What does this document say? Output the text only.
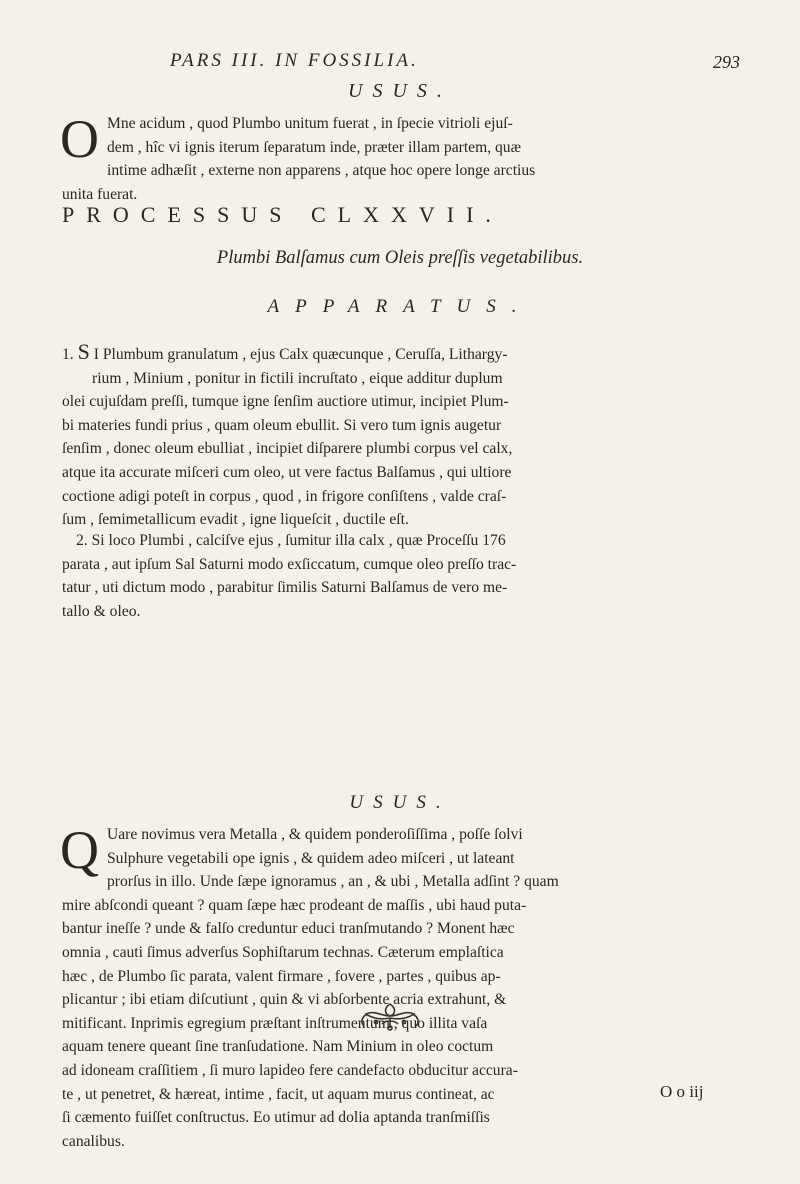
PARS III. IN FOSSILIA.	293
USUS.
O Mne acidum , quod Plumbo unitum fuerat , in ſpecie vitrioli ejuſ-
dem , hîc vi ignis iterum ſeparatum inde, præter illam partem, quæ
intime adhæſit , externe non apparens , atque hoc opere longe arctius
unita fuerat.
PROCESSUS CLXXVII.
Plumbi Balſamus cum Oleis preſſis vegetabilibus.
APPARATUS.
1. S I Plumbum granulatum , ejus Calx quæcunque , Ceruſſa, Lithargy-
rium , Minium , ponitur in fictili incruſtato , eique additur duplum
olei cujuſdam preſſi, tumque igne ſenſim auctiore utimur, incipiet Plum-
bi materies fundi prius , quam oleum ebullit. Si vero tum ignis augetur
ſenſim , donec oleum ebulliat , incipiet diſparere plumbi corpus vel calx,
atque ita accurate miſceri cum oleo, ut vere factus Balſamus , qui ultiore
coctione adigi poteſt in corpus , quod , in frigore conſiſtens , valde craſ-
ſum , ſemimetallicum evadit , igne liqueſcit , ductile eſt.
2. Si loco Plumbi , calciſve ejus , ſumitur illa calx , quæ Proceſſu 176
parata , aut ipſum Sal Saturni modo exſiccatum, cumque oleo preſſo trac-
tatur , uti dictum modo , parabitur ſimilis Saturni Balſamus de vero me-
tallo & oleo.
USUS.
Q Uare novimus vera Metalla , & quidem ponderoſiſſima , poſſe ſolvi
Sulphure vegetabili ope ignis , & quidem adeo miſceri , ut lateant
prorſus in illo. Unde ſæpe ignoramus , an , & ubi , Metalla adſint ? quam
mire abſcondi queant ? quam ſæpe hæc prodeant de maſſis , ubi haud puta-
bantur ineſſe ? unde & falſo creduntur educi tranſmutando ? Monent hæc
omnia , cauti ſimus adverſus Sophiſtarum technas. Cæterum emplaſtica
hæc , de Plumbo ſic parata, valent firmare , fovere , partes , quibus ap-
plicantur ; ibi etiam diſcutiunt , quin & vi abſorbente acria extrahunt, &
mitificant. Inprimis egregium præſtant inſtrumentum , quo illita vaſa
aquam tenere queant ſine tranſudatione. Nam Minium in oleo coctum
ad idoneam craſſitiem , ſi muro lapideo fere candefacto obducitur accura-
te , ut penetret, & hæreat, intime , facit, ut aquam murus contineat, ac
ſi cæmento fuiſſet conſtructus. Eo utimur ad dolia aptanda tranſmiſſis
canalibus.
O o iij
